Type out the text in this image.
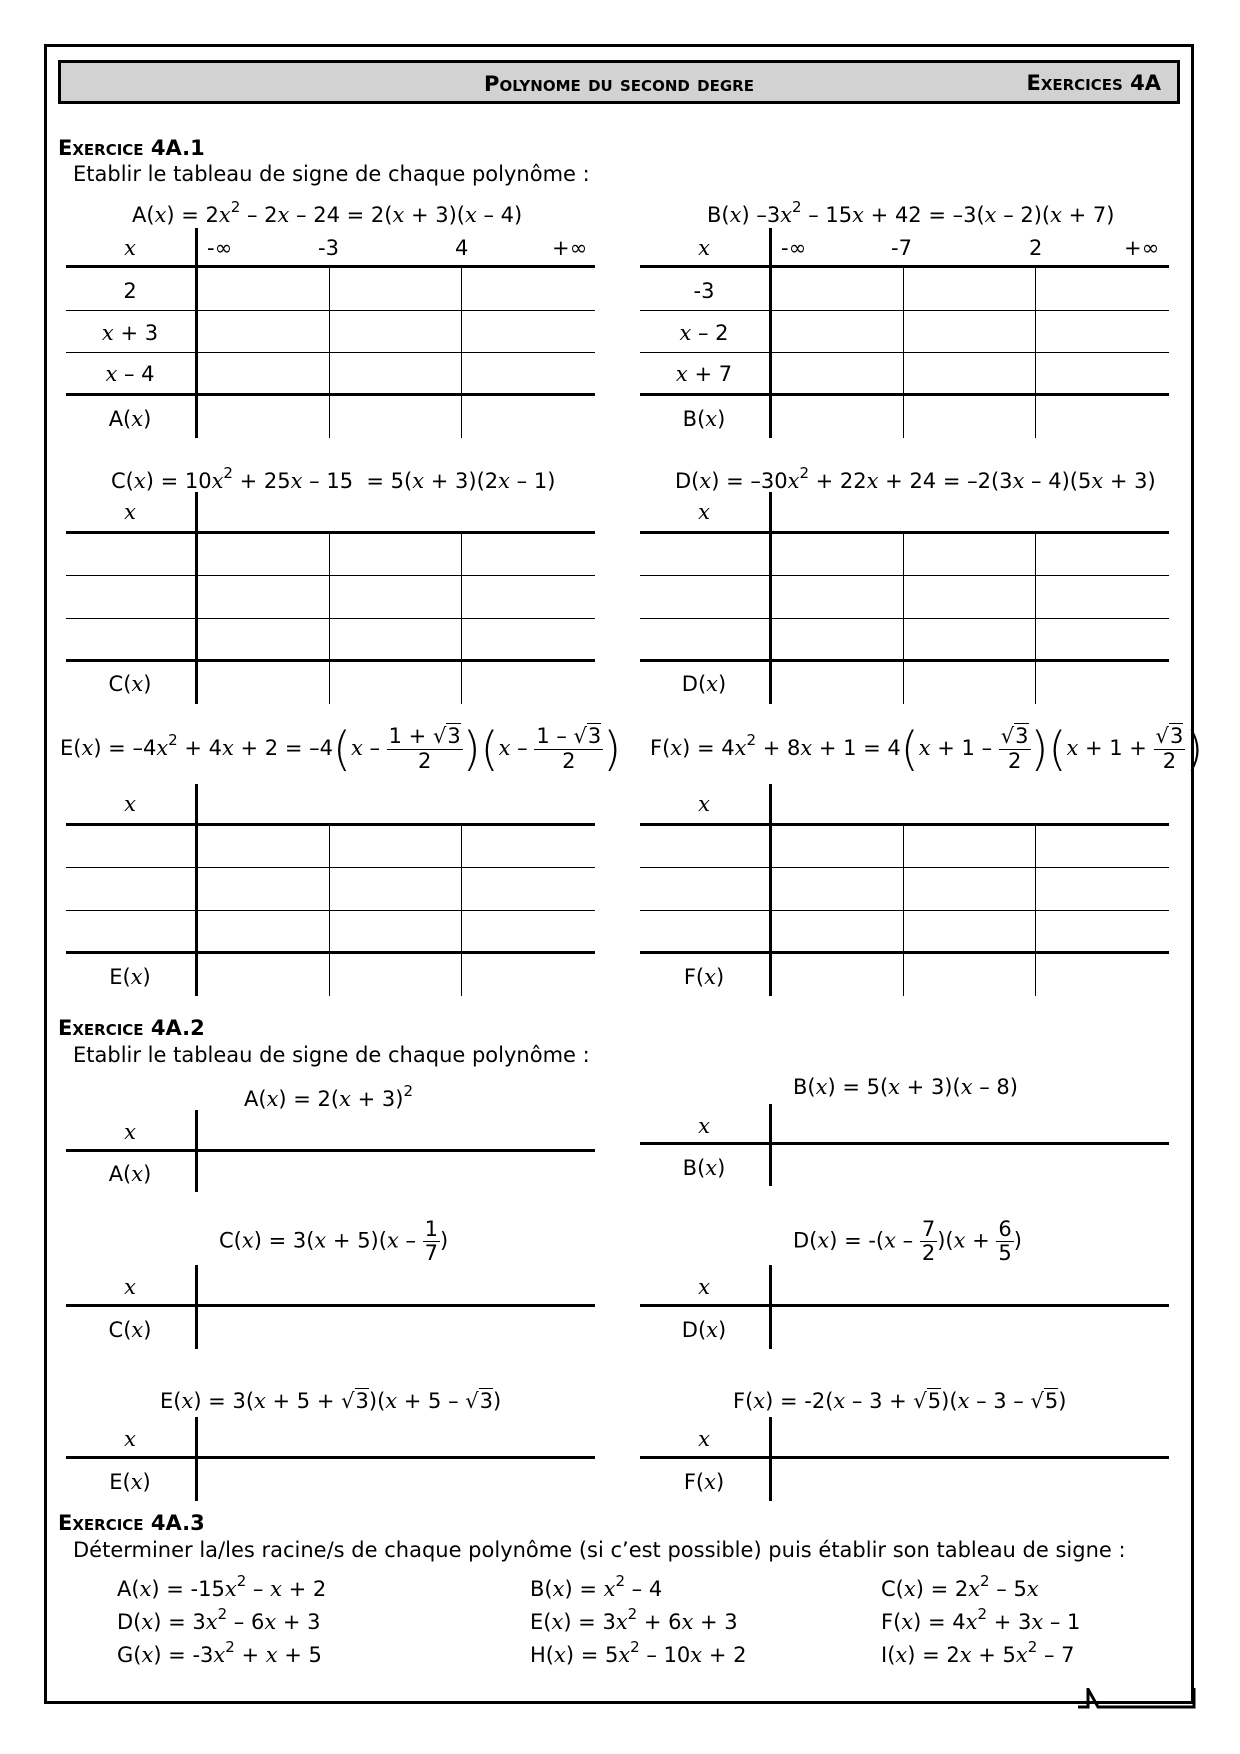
Polynome du second degre	Exercices 4A
Exercice 4A.1
Etablir le tableau de signe de chaque polynôme :
$A(x) = 2x^2 - 2x - 24 = 2(x + 3)(x - 4)$	B(x) $-3x^2 - 15x + 42 = -3(x - 2)(x + 7)$
x	-∞	-3	4	+∞
2
x + 3
x – 4
A(x)
x	-∞	-7	2	+∞
-3
x – 2
x + 7
B(x)
$C(x) = 10x^2 + 25x - 15 = 5(x + 3)(2x - 1)$	$D(x) = -30x^2 + 22x + 24 = -2(3x - 4)(5x + 3)$
x
C(x)
x
D(x)
$E(x) = -4x^2 + 4x + 2 = -4(x - \frac{1 + √3}{2} )(x - \frac{1 - √3}{2}$ ) $F(x) = 4x^2 + 8x + 1 = 4(x + 1 - \frac{√3}{2} )(x + 1 + \frac{√3}{2}$ )
x
E(x)
x
F(x)
Exercice 4A.2
Etablir le tableau de signe de chaque polynôme :
$A(x) = 2(x + 3)^2$	B(x) = 5(x + 3)(x – 8)
x
A(x)
x
B(x)
$C(x) = 3(x + 5)(x - \frac{1}{7}$ )	$D(x) = -(x - \frac{7}{2} )(x + \frac{6}{5}$ )
x
C(x)
x
D(x)
E(x) = 3(x + 5 + √3)(x + 5 – √3)	F(x) = -2(x – 3 + √5)(x – 3 – √5)
x
E(x)
x
F(x)
Exercice 4A.3
Déterminer la/les racine/s de chaque polynôme (si c’est possible) puis établir son tableau de signe :
$A(x) = -15x^2 - x + 2$	$B(x) = x^2 - 4$	$C(x) = 2x^2 - 5x$
$D(x) = 3x^2 - 6x + 3$	$E(x) = 3x^2 + 6x + 3$	$F(x) = 4x^2 + 3x - 1$
$G(x) = -3x^2 + x + 5$	$H(x) = 5x^2 - 10x + 2$	$I(x) = 2x + 5x^2 - 7$
